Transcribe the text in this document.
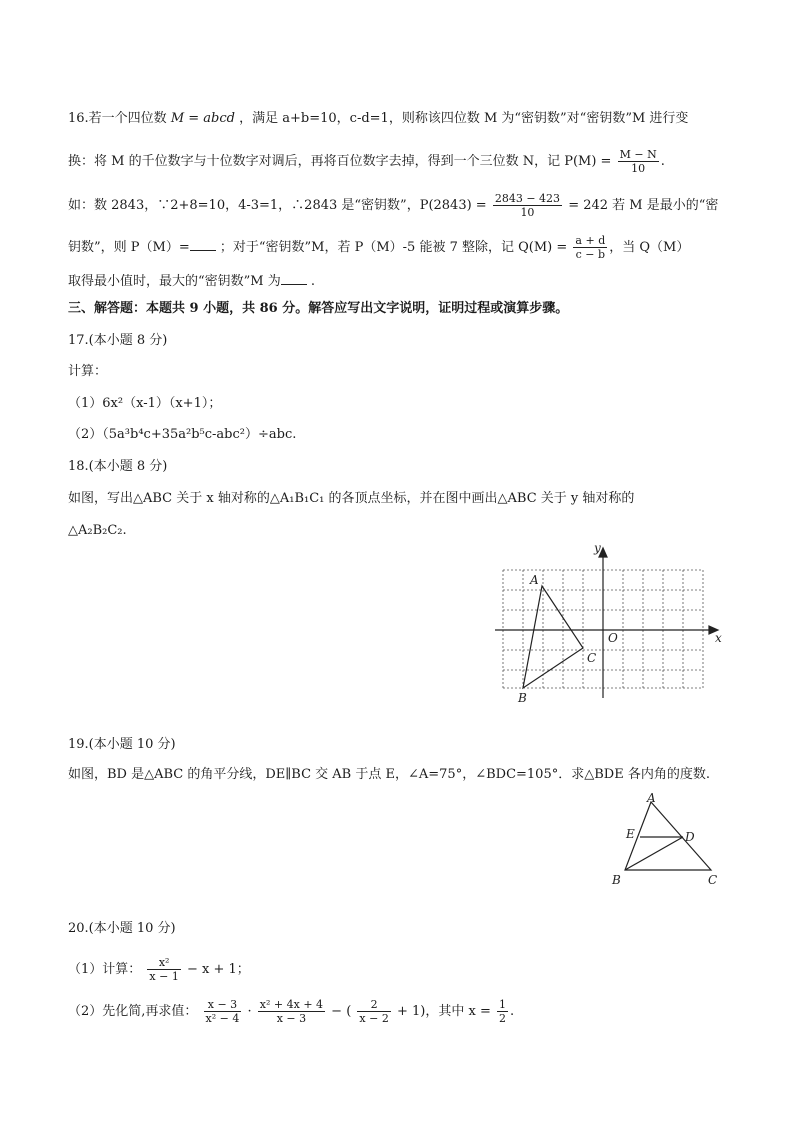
16.若一个四位数 M = abcd ，满足 a+b=10，c-d=1，则称该四位数 M 为“密钥数”对“密钥数”M 进行变
换：将 M 的千位数字与十位数字对调后，再将百位数字去掉，得到一个三位数 N，记 $P(M) = \frac{M - N}{10}$ .
如：数 2843，∵2+8=10，4-3=1，∴2843 是“密钥数”，$P(2843) = \frac{2843 - 423}{10} = 242$ 若 M 是最小的“密
钥数”，则 P（M）= ；对于“密钥数”M，若 P（M）-5 能被 7 整除，记 $Q(M) = \frac{a + d}{c - b}$ ，当 Q（M）
取得最小值时，最大的“密钥数”M 为 .
三、解答题：本题共 9 小题，共 86 分。解答应写出文字说明，证明过程或演算步骤。
17.(本小题 8 分)
计算：
（1）6x²（x-1）（x+1）；
（2）（5a³b⁴c+35a²b⁵c-abc²）÷abc.
18.(本小题 8 分)
如图，写出△ABC 关于 x 轴对称的△A₁B₁C₁ 的各顶点坐标，并在图中画出△ABC 关于 y 轴对称的
△A₂B₂C₂.
y
x
O
A
B
C
19.(本小题 10 分)
如图，BD 是△ABC 的角平分线，DE∥BC 交 AB 于点 E，∠A=75°，∠BDC=105°．求△BDE 各内角的度数.
A
E	D
B	C
20.(本小题 10 分)
（1）计算： $\frac{\text{x²}}{x - 1} - x + 1$；
（2）先化简,再求值： $\frac{x - 3}{\text{x² − 4}} \cdot \frac{\text{x² + 4x + 4}}{x - 3}$ − ( $\frac{2}{x - 2} + 1$)，其中 $x = \frac{1}{2}$ .
